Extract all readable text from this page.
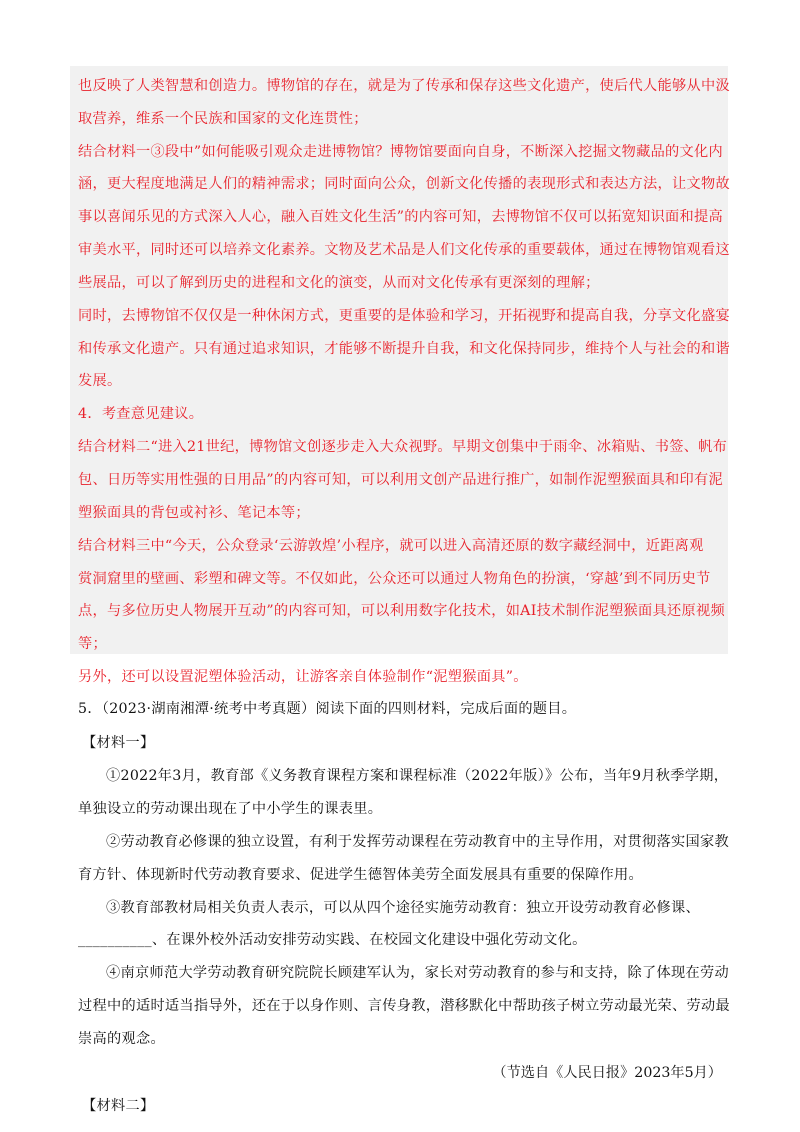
也反映了人类智慧和创造力。博物馆的存在，就是为了传承和保存这些文化遗产，使后代人能够从中汲
取营养，维系一个民族和国家的文化连贯性；
结合材料一③段中”如何能吸引观众走进博物馆？博物馆要面向自身，不断深入挖掘文物藏品的文化内
涵，更大程度地满足人们的精神需求；同时面向公众，创新文化传播的表现形式和表达方法，让文物故
事以喜闻乐见的方式深入人心，融入百姓文化生活”的内容可知，去博物馆不仅可以拓宽知识面和提高
审美水平，同时还可以培养文化素养。文物及艺术品是人们文化传承的重要载体，通过在博物馆观看这
些展品，可以了解到历史的进程和文化的演变，从而对文化传承有更深刻的理解；
同时，去博物馆不仅仅是一种休闲方式，更重要的是体验和学习，开拓视野和提高自我，分享文化盛宴
和传承文化遗产。只有通过追求知识，才能够不断提升自我，和文化保持同步，维持个人与社会的和谐
发展。
4．考查意见建议。
结合材料二“进入21世纪，博物馆文创逐步走入大众视野。早期文创集中于雨伞、冰箱贴、书签、帆布
包、日历等实用性强的日用品”的内容可知，可以利用文创产品进行推广，如制作泥塑猴面具和印有泥
塑猴面具的背包或衬衫、笔记本等；
结合材料三中“今天，公众登录‘云游敦煌’小程序，就可以进入高清还原的数字藏经洞中，近距离观
赏洞窟里的壁画、彩塑和碑文等。不仅如此，公众还可以通过人物角色的扮演，‘穿越’到不同历史节
点，与多位历史人物展开互动”的内容可知，可以利用数字化技术，如AI技术制作泥塑猴面具还原视频
等；
另外，还可以设置泥塑体验活动，让游客亲自体验制作“泥塑猴面具”。
5．（2023·湖南湘潭·统考中考真题）阅读下面的四则材料，完成后面的题目。
【材料一】
①2022年3月，教育部《义务教育课程方案和课程标准（2022年版）》公布，当年9月秋季学期，
单独设立的劳动课出现在了中小学生的课表里。
②劳动教育必修课的独立设置，有利于发挥劳动课程在劳动教育中的主导作用，对贯彻落实国家教
育方针、体现新时代劳动教育要求、促进学生德智体美劳全面发展具有重要的保障作用。
③教育部教材局相关负责人表示，可以从四个途径实施劳动教育：独立开设劳动教育必修课、
__________、在课外校外活动安排劳动实践、在校园文化建设中强化劳动文化。
④南京师范大学劳动教育研究院院长顾建军认为，家长对劳动教育的参与和支持，除了体现在劳动
过程中的适时适当指导外，还在于以身作则、言传身教，潜移默化中帮助孩子树立劳动最光荣、劳动最
崇高的观念。
（节选自《人民日报》2023年5月）
【材料二】
